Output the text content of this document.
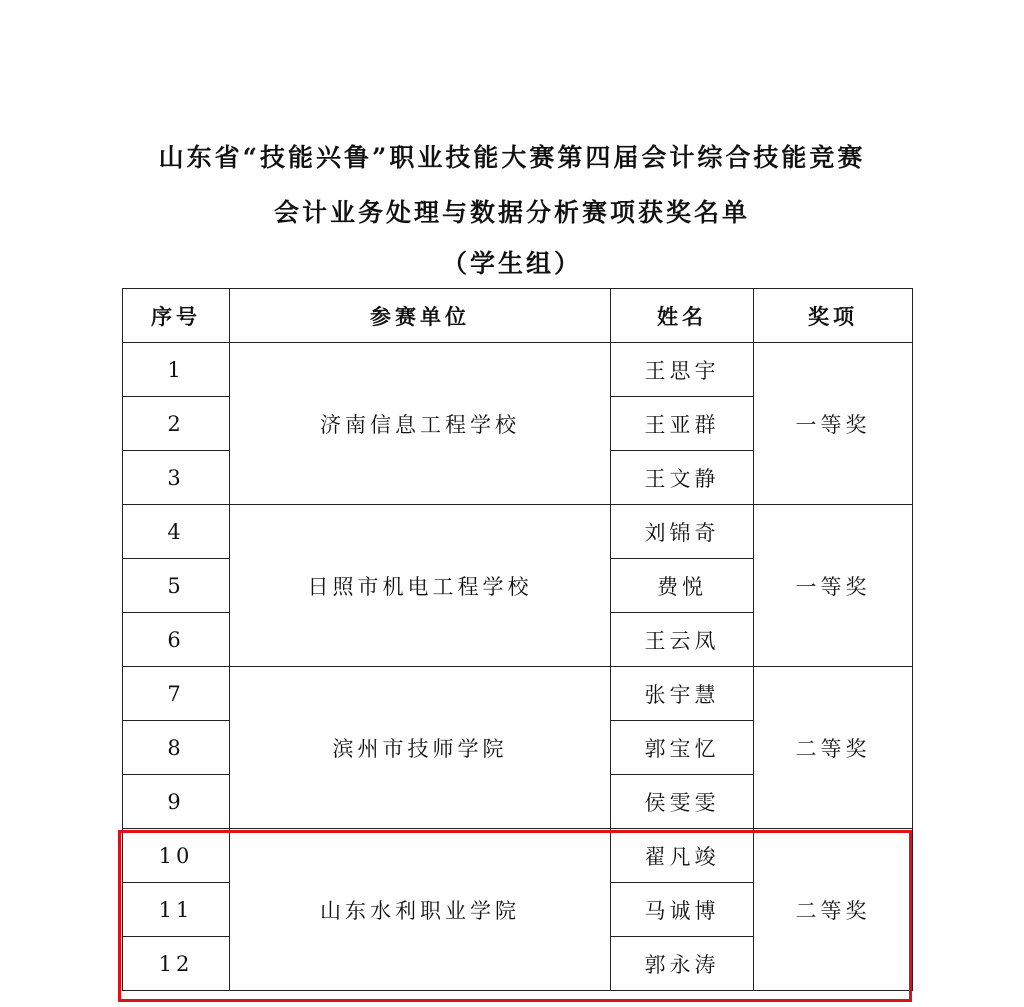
山东省“技能兴鲁”职业技能大赛第四届会计综合技能竞赛
会计业务处理与数据分析赛项获奖名单
（学生组）
序号	参赛单位	姓名	奖项
1	济南信息工程学校	王思宇	一等奖
2		王亚群	
3		王文静	
4	日照市机电工程学校	刘锦奇	一等奖
5		费悦	
6		王云凤	
7	滨州市技师学院	张宇慧	二等奖
8		郭宝忆	
9		侯雯雯	
10	山东水利职业学院	翟凡竣	二等奖
11		马诚博	
12		郭永涛	
